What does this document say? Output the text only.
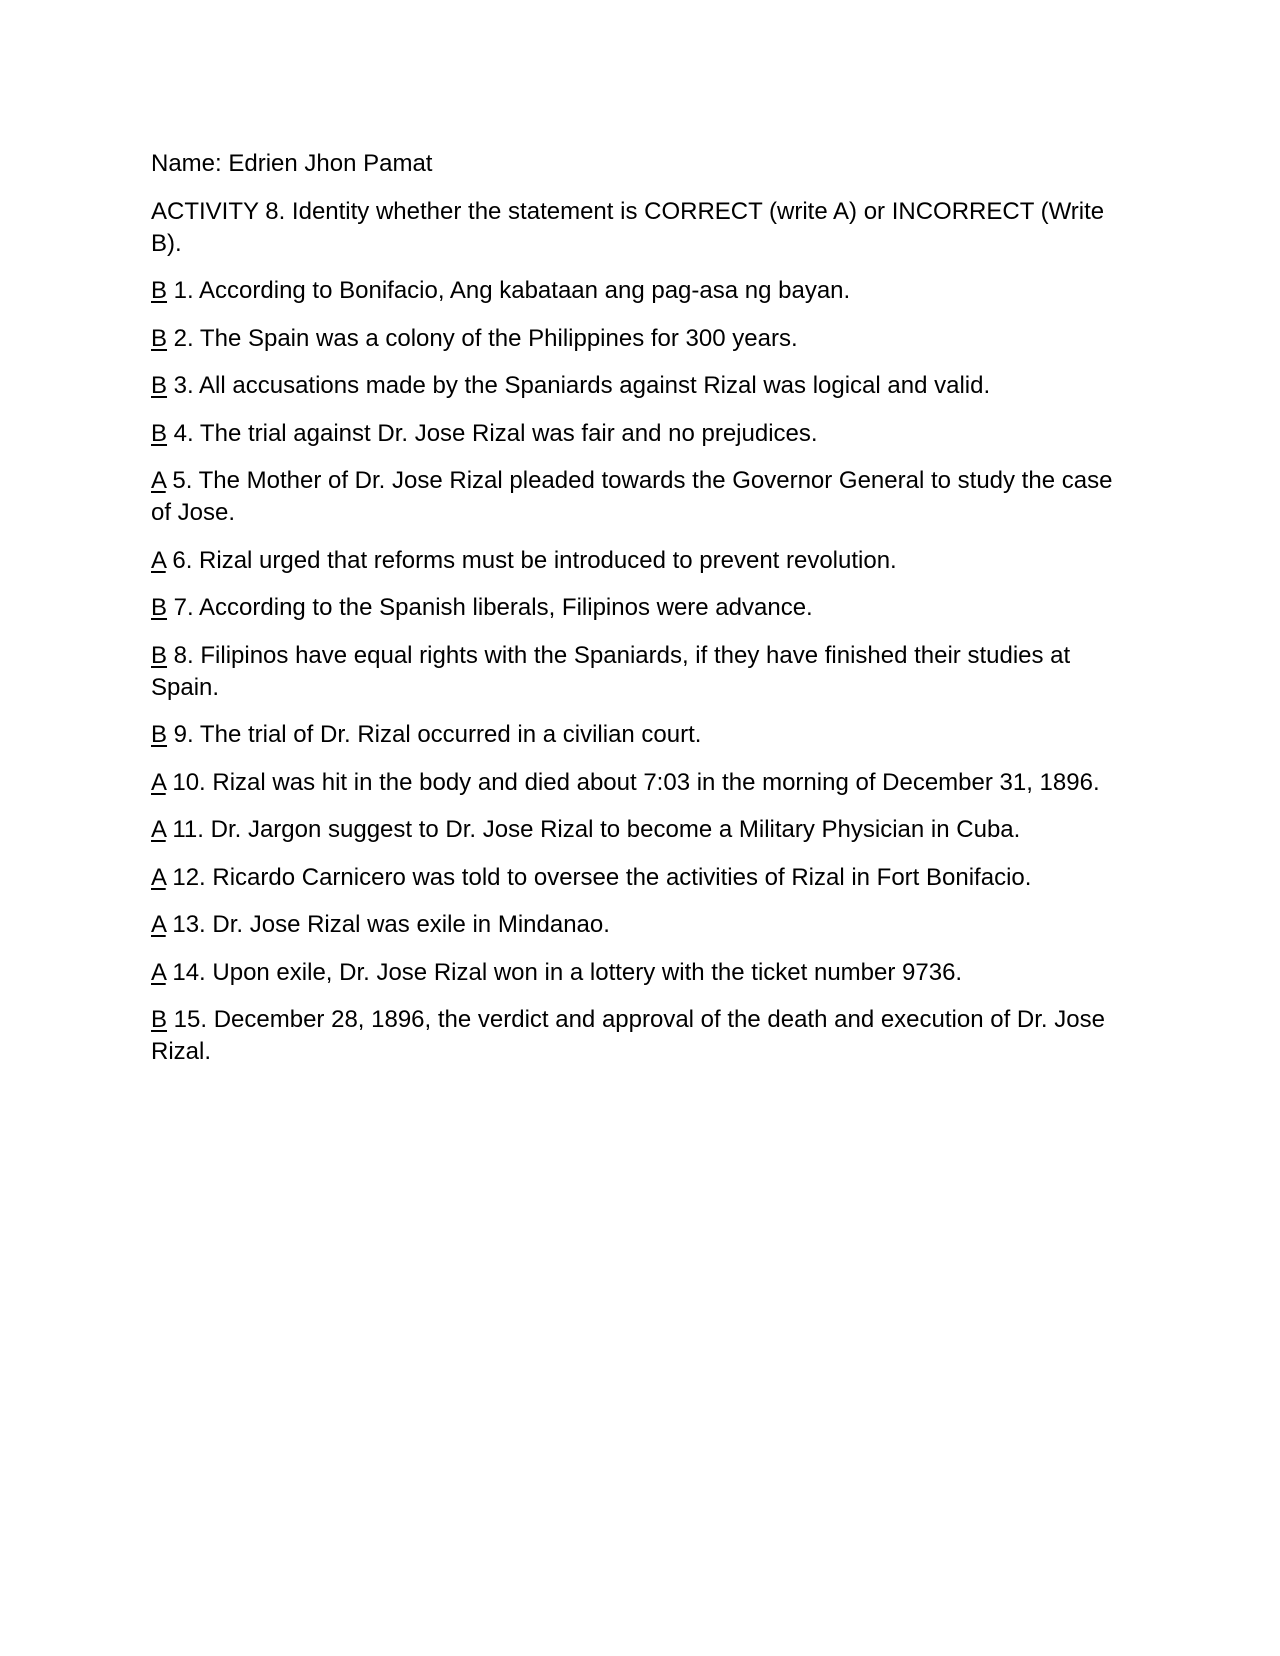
Name: Edrien Jhon Pamat

ACTIVITY 8. Identity whether the statement is CORRECT (write A) or INCORRECT (Write B).

B 1. According to Bonifacio, Ang kabataan ang pag-asa ng bayan.

B 2. The Spain was a colony of the Philippines for 300 years.

B 3. All accusations made by the Spaniards against Rizal was logical and valid.

B 4. The trial against Dr. Jose Rizal was fair and no prejudices.

A 5. The Mother of Dr. Jose Rizal pleaded towards the Governor General to study the case of Jose.

A 6. Rizal urged that reforms must be introduced to prevent revolution.

B 7. According to the Spanish liberals, Filipinos were advance.

B 8. Filipinos have equal rights with the Spaniards, if they have finished their studies at Spain.

B 9. The trial of Dr. Rizal occurred in a civilian court.

A 10. Rizal was hit in the body and died about 7:03 in the morning of December 31, 1896.

A 11. Dr. Jargon suggest to Dr. Jose Rizal to become a Military Physician in Cuba.

A 12. Ricardo Carnicero was told to oversee the activities of Rizal in Fort Bonifacio.

A 13. Dr. Jose Rizal was exile in Mindanao.

A 14. Upon exile, Dr. Jose Rizal won in a lottery with the ticket number 9736.

B 15. December 28, 1896, the verdict and approval of the death and execution of Dr. Jose Rizal.
